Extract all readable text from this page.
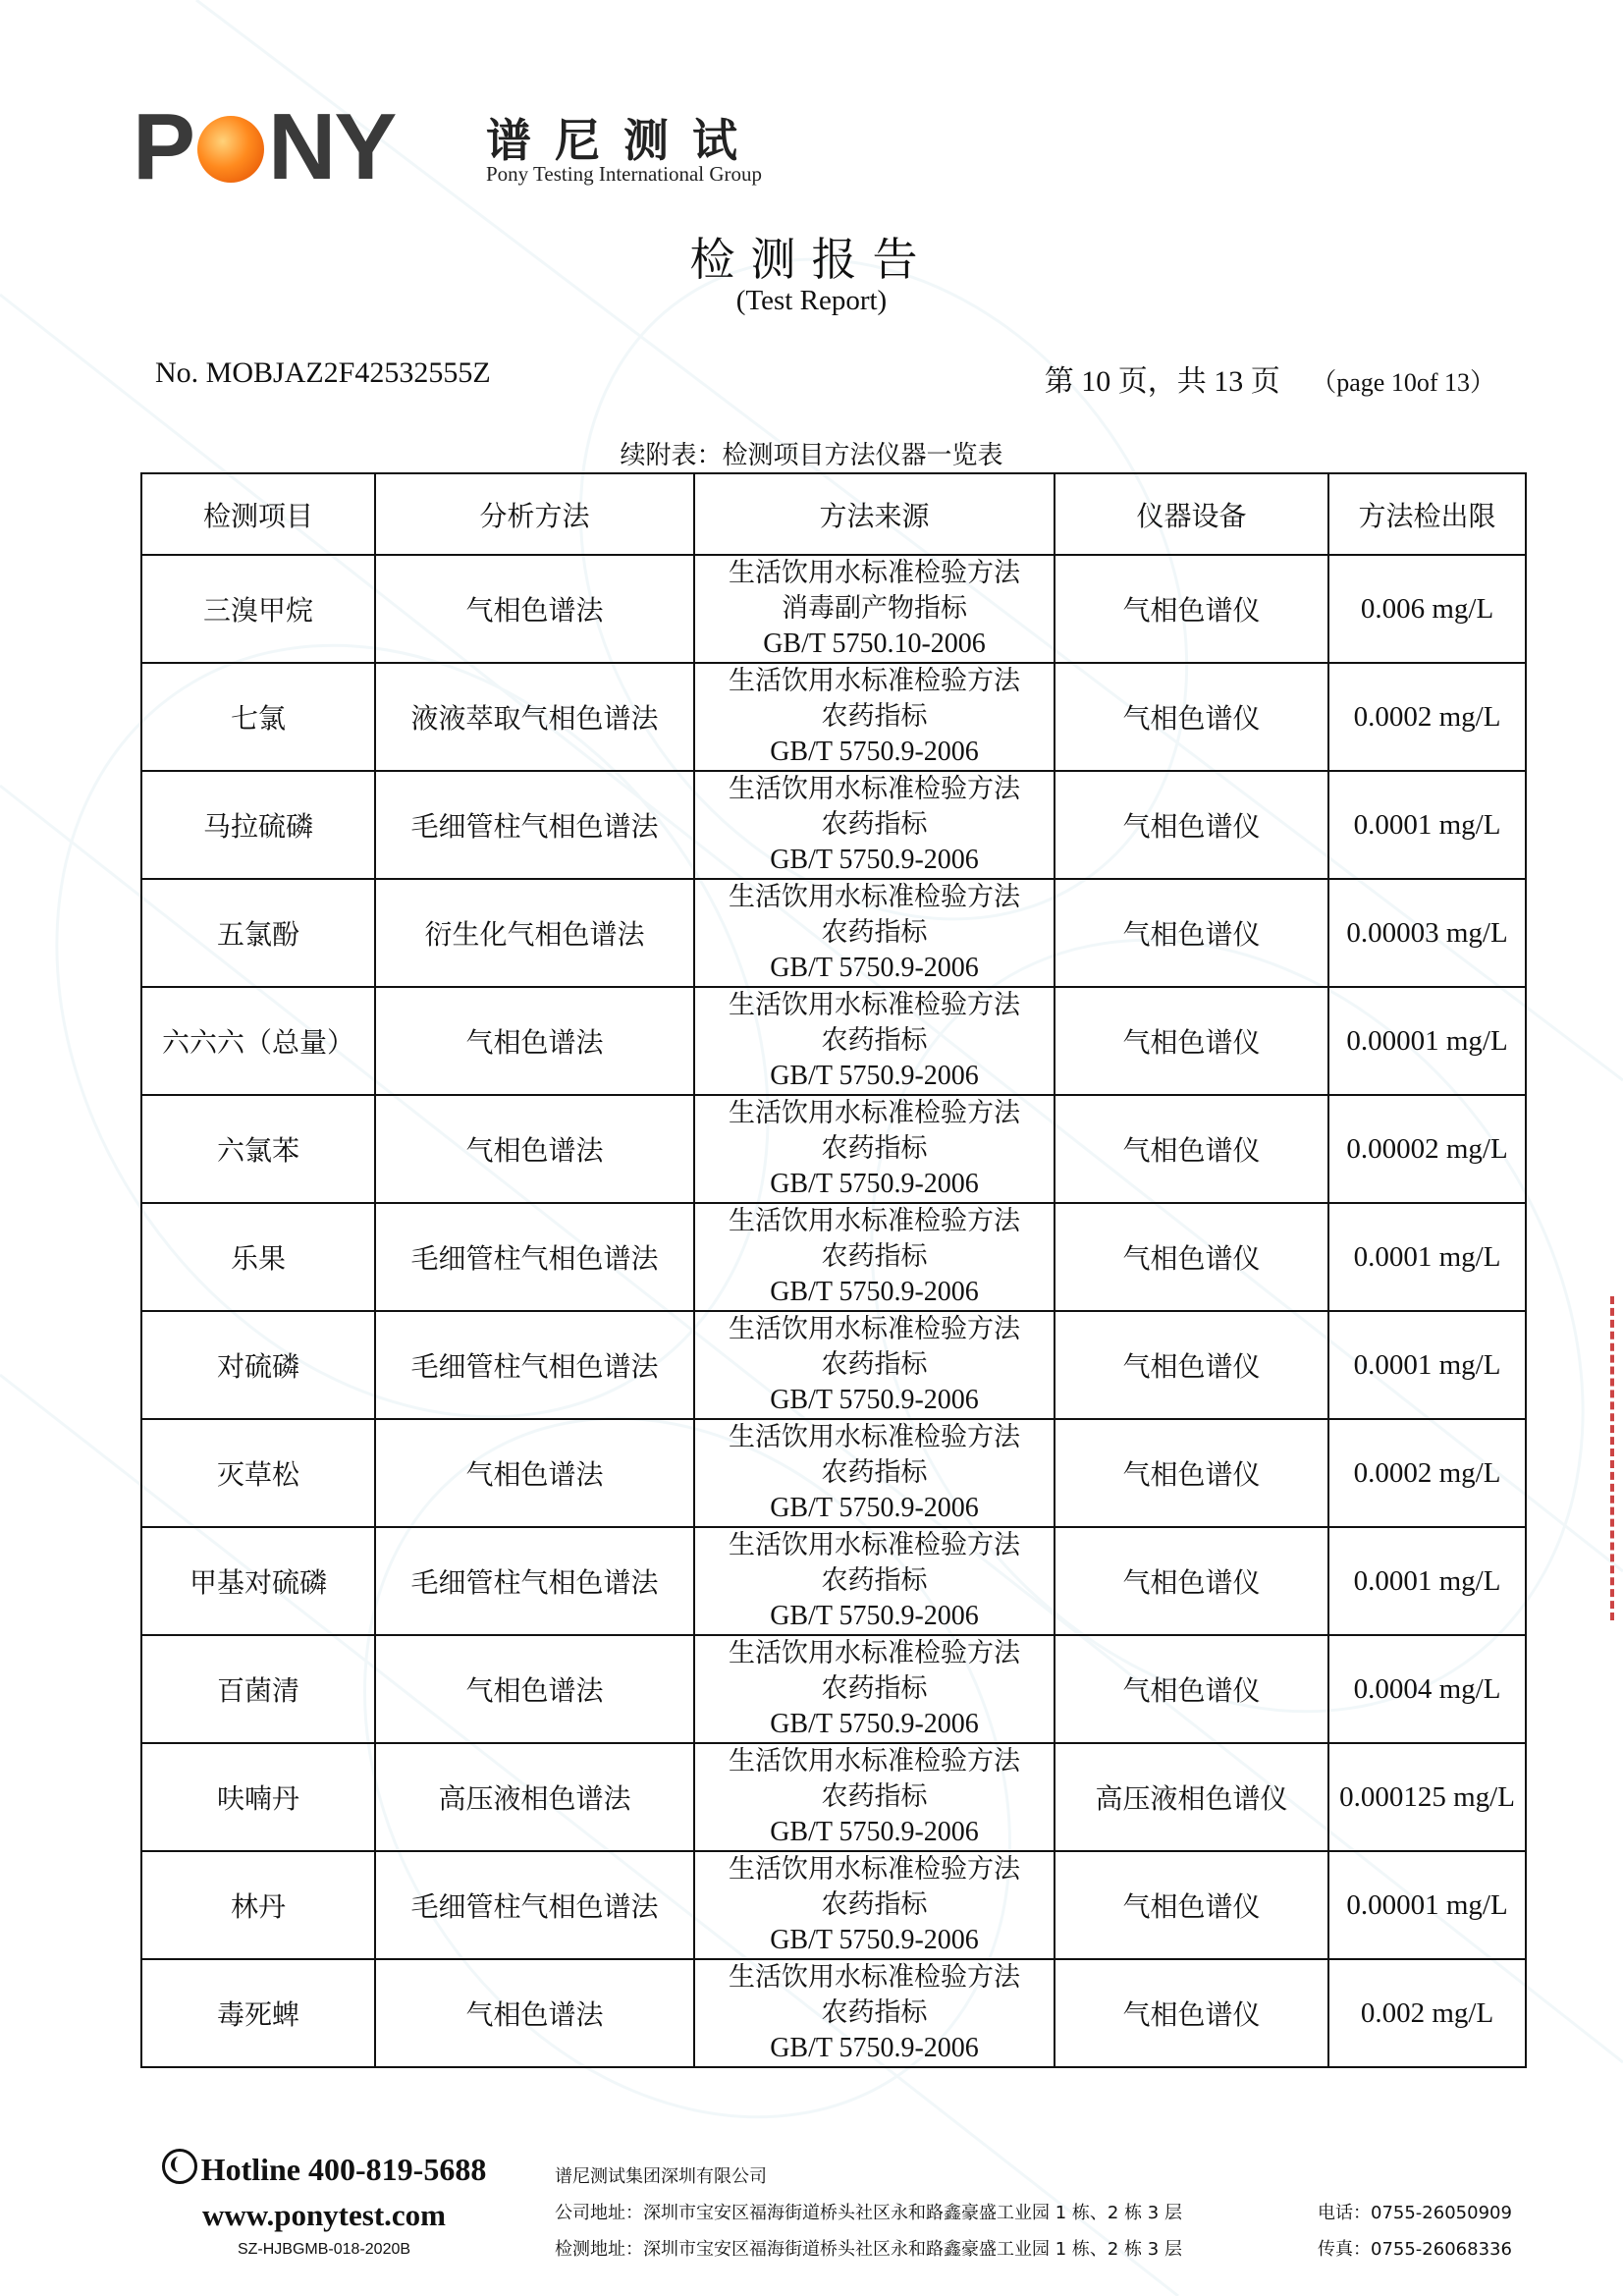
P NY 谱尼测试
Pony Testing International Group
检测报告
(Test Report)
No. MOBJAZ2F42532555Z	第 10 页，共 13 页 （page 10of 13）
续附表：检测项目方法仪器一览表
检测项目	分析方法	方法来源	仪器设备	方法检出限
三溴甲烷	气相色谱法	生活饮用水标准检验方法
消毒副产物指标
GB/T 5750.10-2006	气相色谱仪	0.006 mg/L
七氯	液液萃取气相色谱法	生活饮用水标准检验方法
农药指标
GB/T 5750.9-2006	气相色谱仪	0.0002 mg/L
马拉硫磷	毛细管柱气相色谱法	生活饮用水标准检验方法
农药指标
GB/T 5750.9-2006	气相色谱仪	0.0001 mg/L
五氯酚	衍生化气相色谱法	生活饮用水标准检验方法
农药指标
GB/T 5750.9-2006	气相色谱仪	0.00003 mg/L
六六六（总量）	气相色谱法	生活饮用水标准检验方法
农药指标
GB/T 5750.9-2006	气相色谱仪	0.00001 mg/L
六氯苯	气相色谱法	生活饮用水标准检验方法
农药指标
GB/T 5750.9-2006	气相色谱仪	0.00002 mg/L
乐果	毛细管柱气相色谱法	生活饮用水标准检验方法
农药指标
GB/T 5750.9-2006	气相色谱仪	0.0001 mg/L
对硫磷	毛细管柱气相色谱法	生活饮用水标准检验方法
农药指标
GB/T 5750.9-2006	气相色谱仪	0.0001 mg/L
灭草松	气相色谱法	生活饮用水标准检验方法
农药指标
GB/T 5750.9-2006	气相色谱仪	0.0002 mg/L
甲基对硫磷	毛细管柱气相色谱法	生活饮用水标准检验方法
农药指标
GB/T 5750.9-2006	气相色谱仪	0.0001 mg/L
百菌清	气相色谱法	生活饮用水标准检验方法
农药指标
GB/T 5750.9-2006	气相色谱仪	0.0004 mg/L
呋喃丹	高压液相色谱法	生活饮用水标准检验方法
农药指标
GB/T 5750.9-2006	高压液相色谱仪	0.000125 mg/L
林丹	毛细管柱气相色谱法	生活饮用水标准检验方法
农药指标
GB/T 5750.9-2006	气相色谱仪	0.00001 mg/L
毒死蜱	气相色谱法	生活饮用水标准检验方法
农药指标
GB/T 5750.9-2006	气相色谱仪	0.002 mg/L
Hotline 400-819-5688
www.ponytest.com
SZ-HJBGMB-018-2020B
谱尼测试集团深圳有限公司
公司地址：深圳市宝安区福海街道桥头社区永和路鑫豪盛工业园 1 栋、2 栋 3 层
检测地址：深圳市宝安区福海街道桥头社区永和路鑫豪盛工业园 1 栋、2 栋 3 层
电话：0755-26050909
传真：0755-26068336
